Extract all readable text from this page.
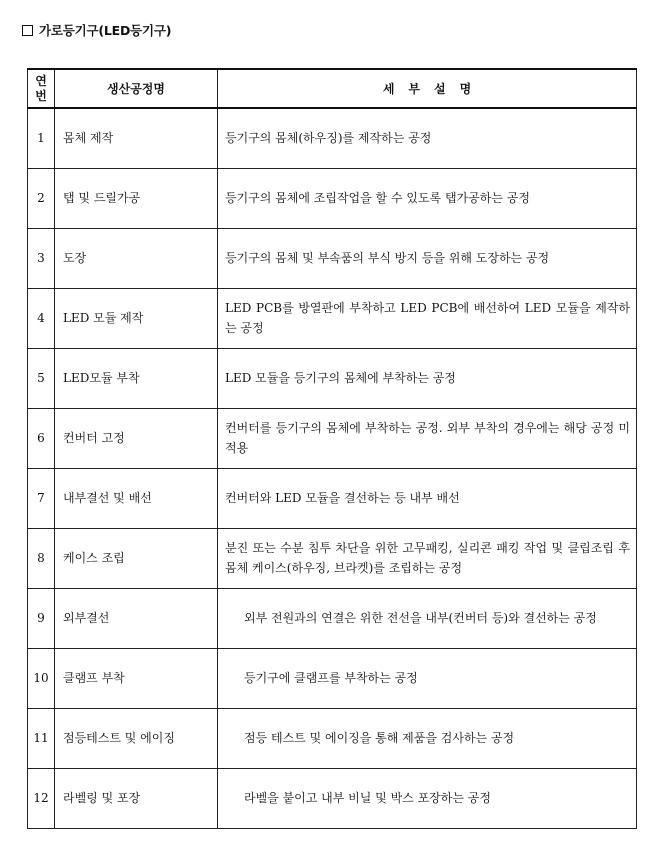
가로등기구(LED등기구)
연
번	생산공정명	세부설명
1	몸체 제작	등기구의 몸체(하우징)를 제작하는 공정
2	탭 및 드릴가공	등기구의 몸체에 조립작업을 할 수 있도록 탭가공하는 공정
3	도장	등기구의 몸체 및 부속품의 부식 방지 등을 위해 도장하는 공정
4	LED 모듈 제작	LED PCB를 방열판에 부착하고 LED PCB에 배선하여 LED 모듈을 제작하는 공정
5	LED모듈 부착	LED 모듈을 등기구의 몸체에 부착하는 공정
6	컨버터 고정	컨버터를 등기구의 몸체에 부착하는 공정. 외부 부착의 경우에는 해당 공정 미적용
7	내부결선 및 배선	컨버터와 LED 모듈을 결선하는 등 내부 배선
8	케이스 조립	분진 또는 수분 침투 차단을 위한 고무패킹, 실리콘 패킹 작업 및 클립조립 후 몸체 케이스(하우징, 브라켓)를 조립하는 공정
9	외부결선	외부 전원과의 연결은 위한 전선을 내부(컨버터 등)와 결선하는 공정
10	클램프 부착	등기구에 클램프를 부착하는 공정
11	점등테스트 및 에이징	점등 테스트 및 에이징을 통해 제품을 검사하는 공정
12	라벨링 및 포장	라벨을 붙이고 내부 비닐 및 박스 포장하는 공정
